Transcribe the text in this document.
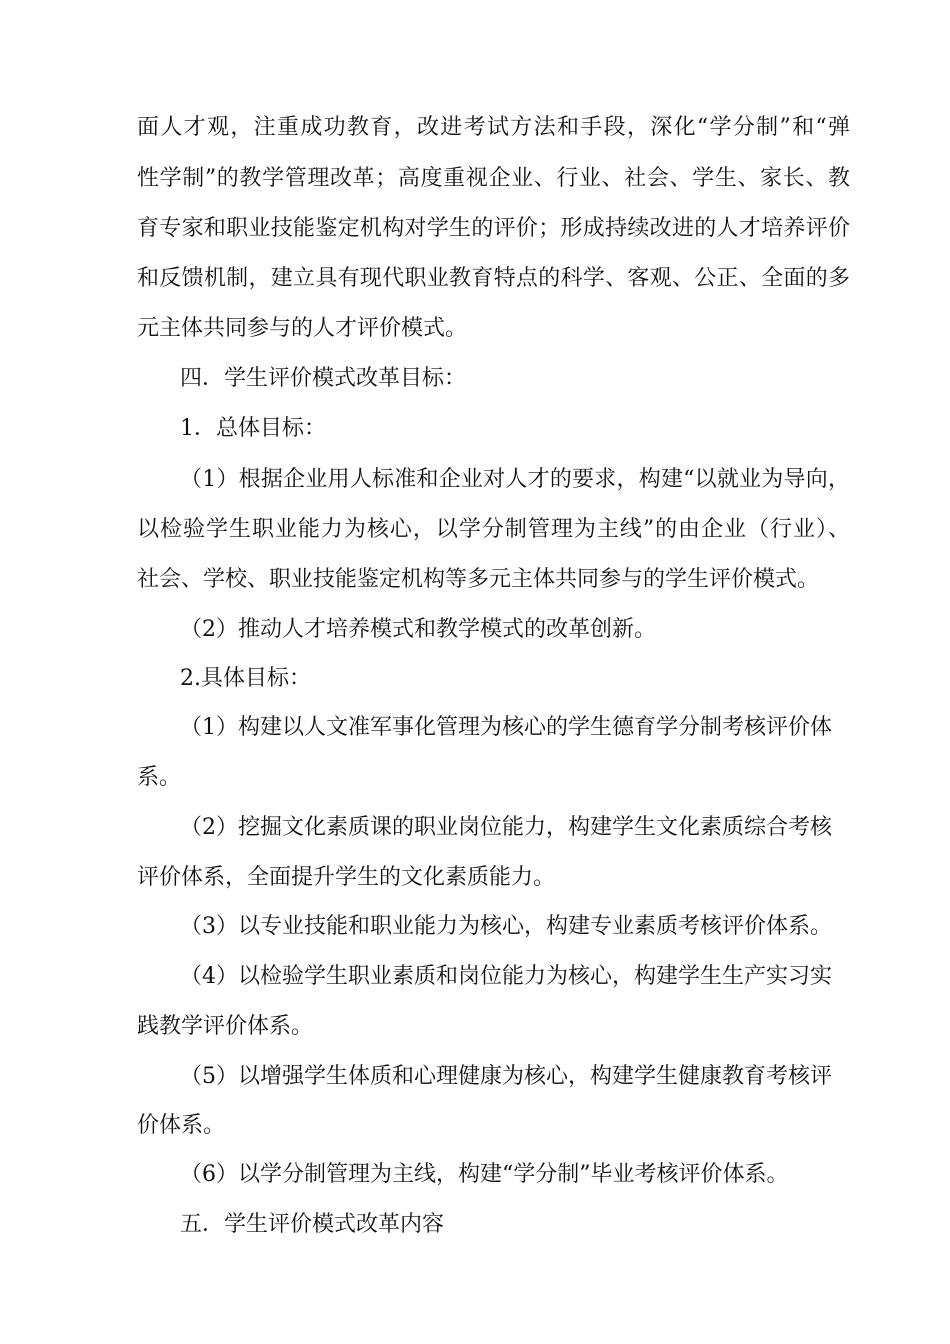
面人才观，注重成功教育，改进考试方法和手段，深化“学分制”和“弹
性学制”的教学管理改革；高度重视企业、行业、社会、学生、家长、教
育专家和职业技能鉴定机构对学生的评价；形成持续改进的人才培养评价
和反馈机制，建立具有现代职业教育特点的科学、客观、公正、全面的多
元主体共同参与的人才评价模式。
四．学生评价模式改革目标：
1．总体目标：
（1）根据企业用人标准和企业对人才的要求，构建“以就业为导向，
以检验学生职业能力为核心，以学分制管理为主线”的由企业（行业）、
社会、学校、职业技能鉴定机构等多元主体共同参与的学生评价模式。
（2）推动人才培养模式和教学模式的改革创新。
2.具体目标：
（1）构建以人文准军事化管理为核心的学生德育学分制考核评价体
系。
（2）挖掘文化素质课的职业岗位能力，构建学生文化素质综合考核
评价体系，全面提升学生的文化素质能力。
（3）以专业技能和职业能力为核心，构建专业素质考核评价体系。
（4）以检验学生职业素质和岗位能力为核心，构建学生生产实习实
践教学评价体系。
（5）以增强学生体质和心理健康为核心，构建学生健康教育考核评
价体系。
（6）以学分制管理为主线，构建“学分制”毕业考核评价体系。
五．学生评价模式改革内容
